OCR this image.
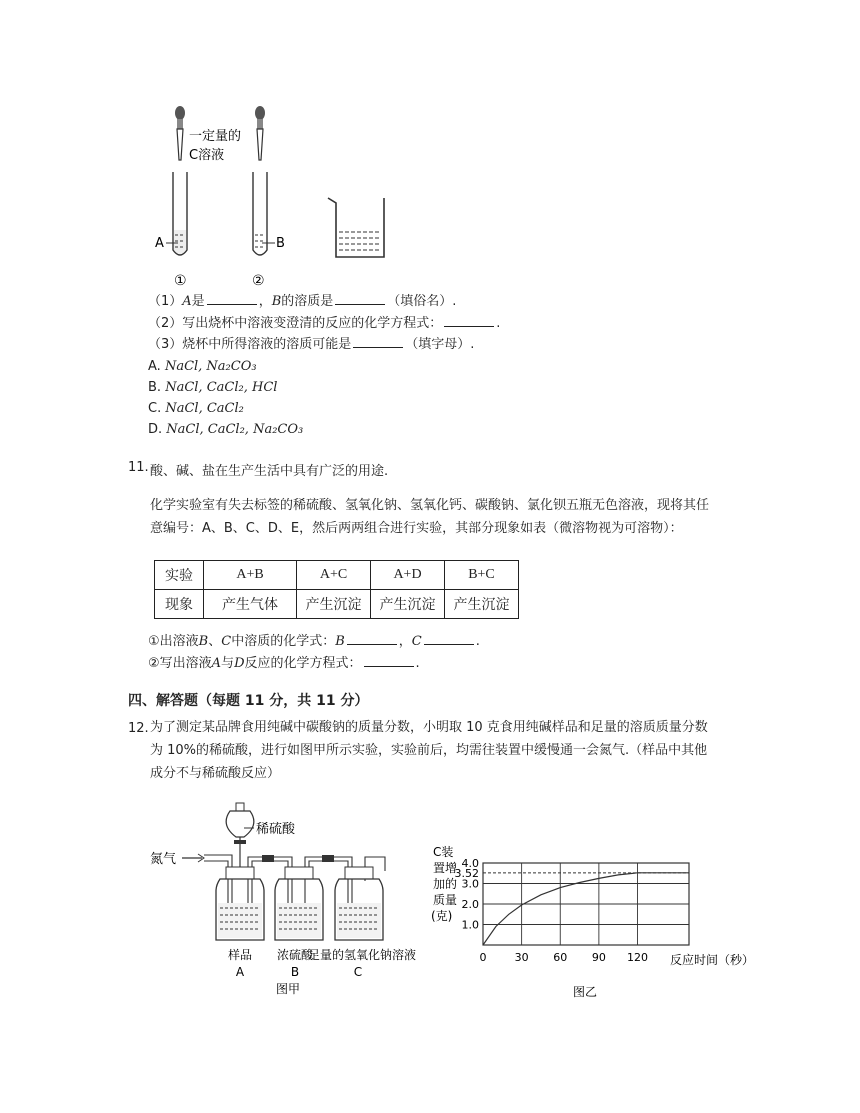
一定量的
C溶液
A	B
①	②
（1）A是	，B的溶质是	（填俗名）.
（2）写出烧杯中溶液变澄清的反应的化学方程式：	.
（3）烧杯中所得溶液的溶质可能是	（填字母）.
A. NaCl, Na₂CO₃
B. NaCl, CaCl₂, HCl
C. NaCl, CaCl₂
D. NaCl, CaCl₂, Na₂CO₃
11. 酸、碱、盐在生产生活中具有广泛的用途.
化学实验室有失去标签的稀硫酸、氢氧化钠、氢氧化钙、碳酸钠、氯化钡五瓶无色溶液，现将其任意编号：A、B、C、D、E，然后两两组合进行实验，其部分现象如表（微溶物视为可溶物）：
实验	A+B	A+C	A+D	B+C
现象	产生气体	产生沉淀	产生沉淀	产生沉淀
①出溶液B、C中溶质的化学式：B	，C	.
②写出溶液A与D反应的化学方程式：	.
四、解答题（每题 11 分，共 11 分）
12. 为了测定某品牌食用纯碱中碳酸钠的质量分数，小明取 10 克食用纯碱样品和足量的溶质质量分数为 10%的稀硫酸，进行如图甲所示实验，实验前后，均需往装置中缓慢通一会氮气.（样品中其他成分不与稀硫酸反应）
稀硫酸
氮气
样品
A
浓硫酸
B
足量的氢氧化钠溶液
C
图甲
C装
置增
加的
质量
(克)
1.0
2.0
3.0
3.52
4.0
0	30 60 90 120 反应时间（秒）
图乙
